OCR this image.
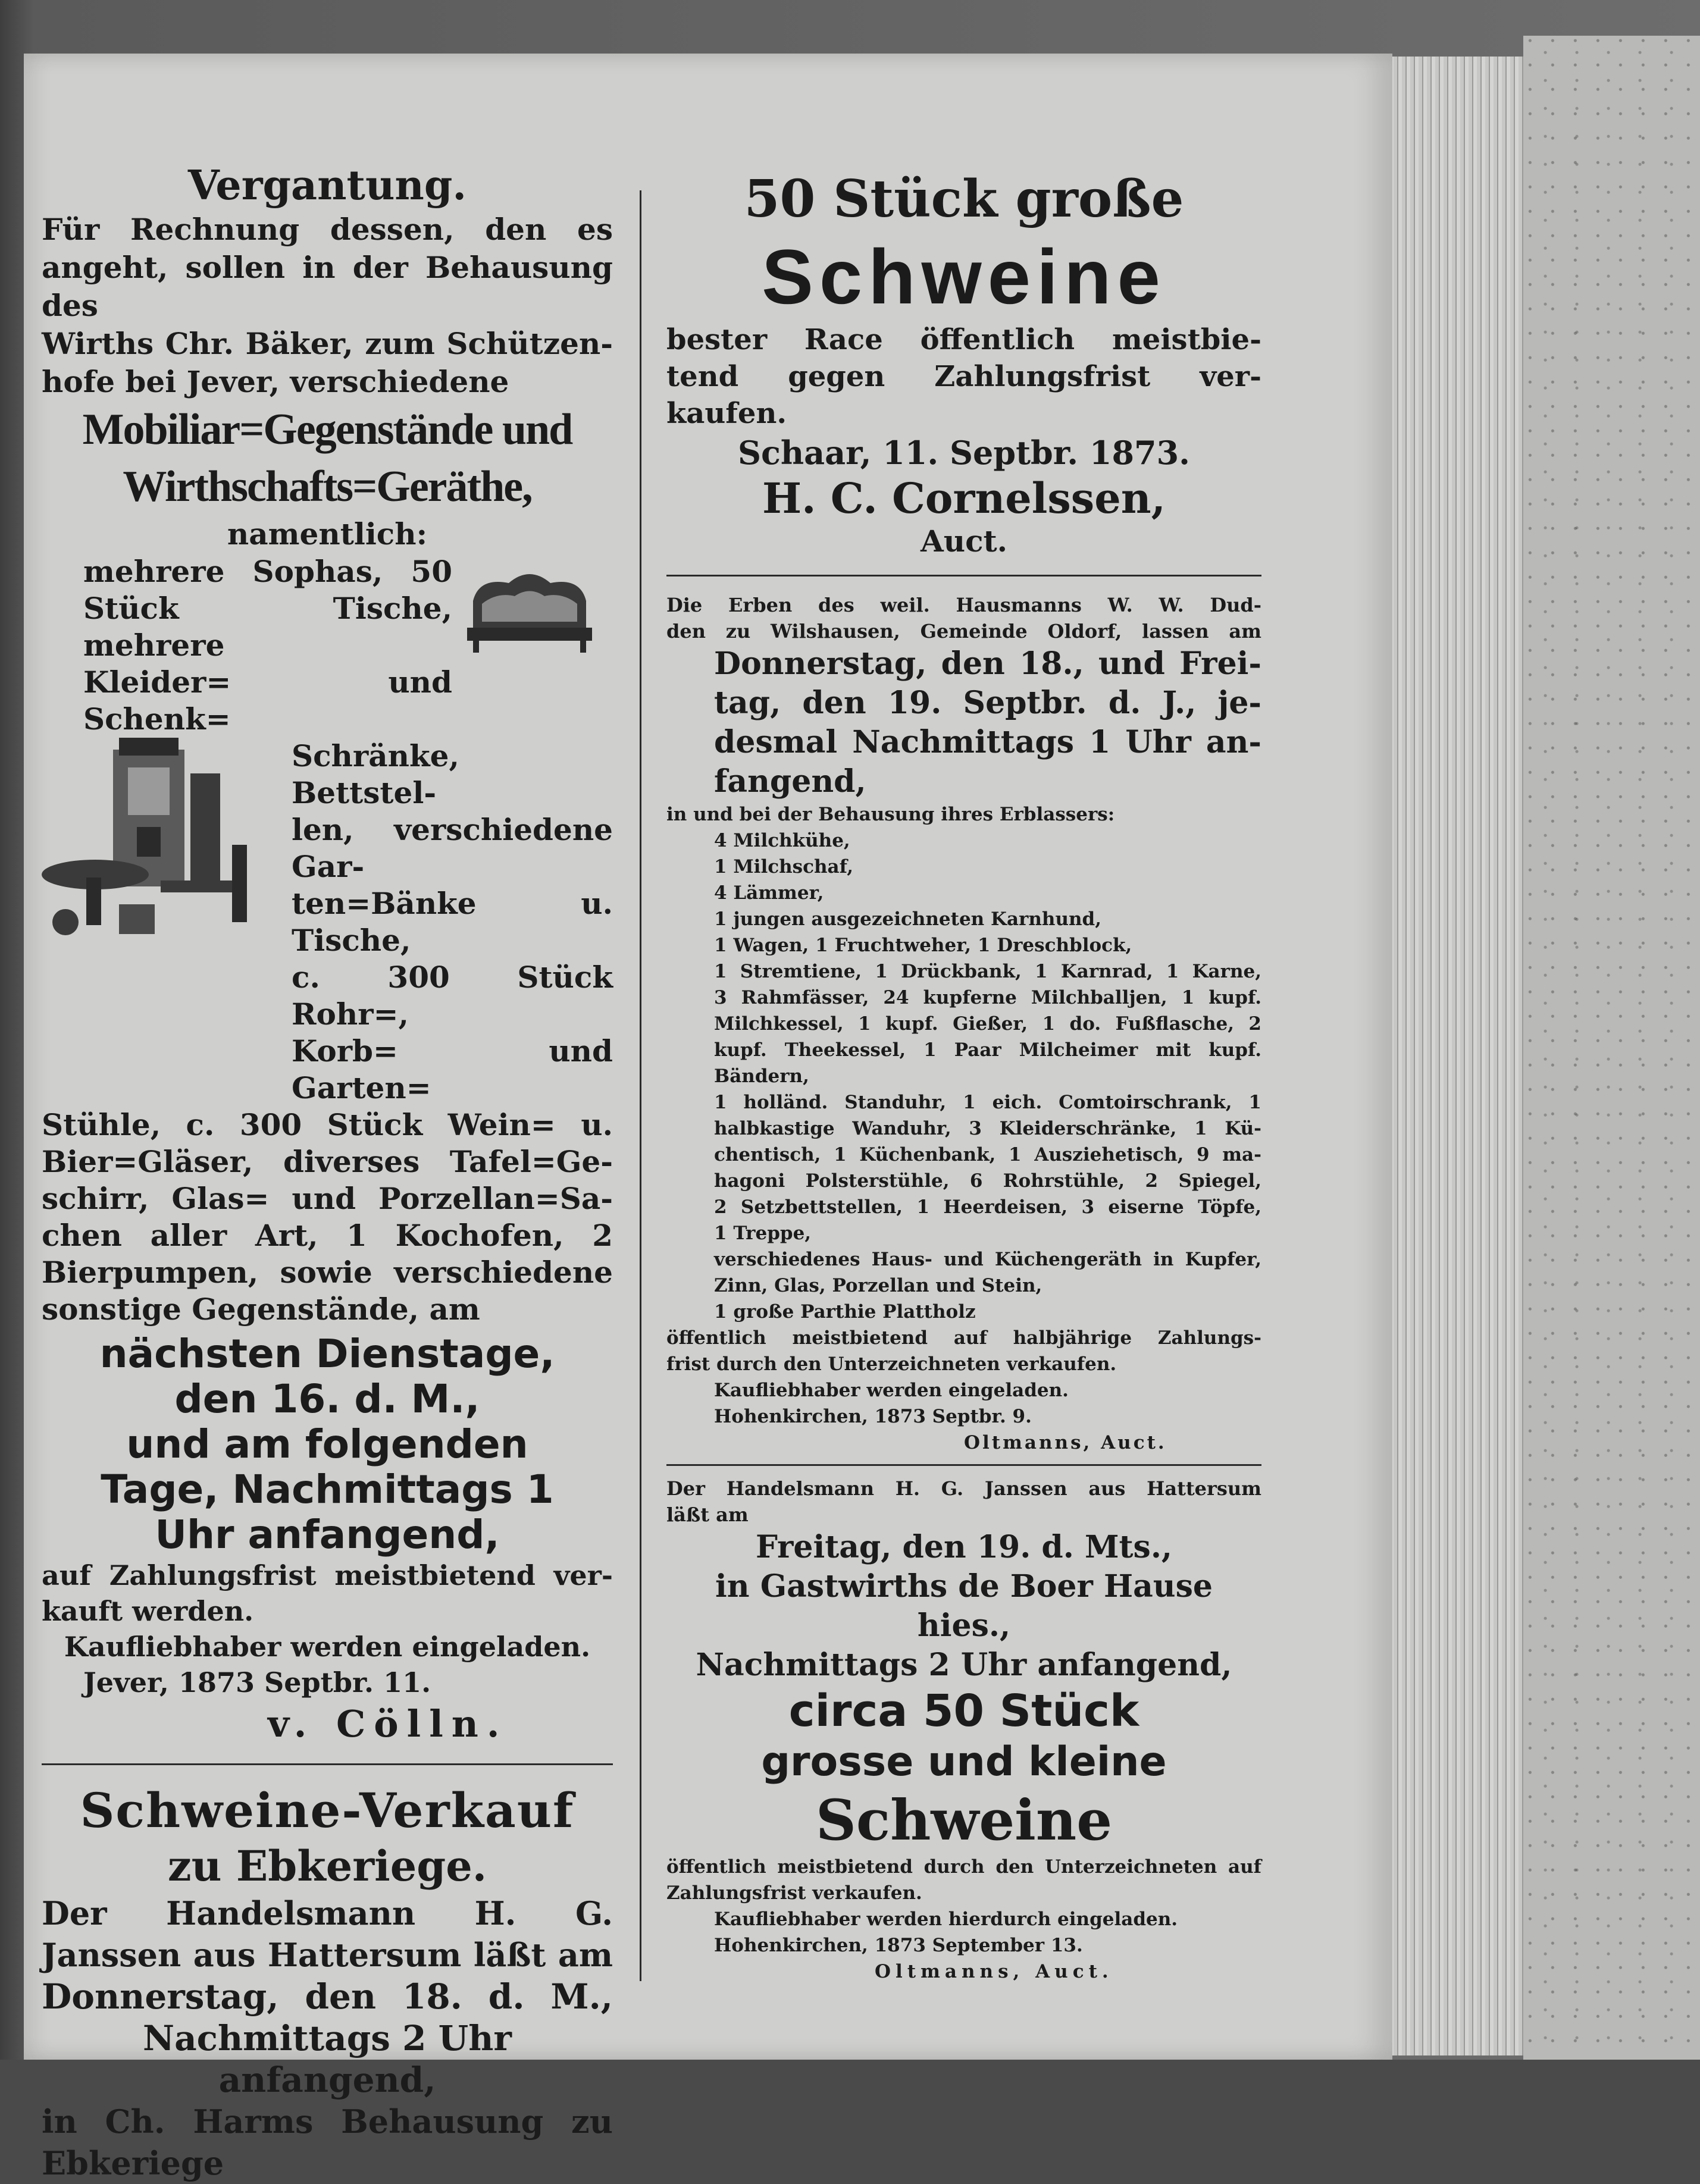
Vergantung.

Für Rechnung dessen, den es

angeht, sollen in der Behausung des

Wirths Chr. Bäker, zum Schützen-

hofe bei Jever, verschiedene

Mobiliar=Gegenstände und

Wirthschafts=Geräthe,

namentlich:

mehrere Sophas, 50

Stück Tische, mehrere

Kleider= und Schenk=

Schränke, Bettstel-

len, verschiedene Gar-

ten=Bänke u. Tische,

c. 300 Stück Rohr=,

Korb= und Garten=

Stühle, c. 300 Stück Wein= u.

Bier=Gläser, diverses Tafel=Ge-

schirr, Glas= und Porzellan=Sa-

chen aller Art, 1 Kochofen, 2

Bierpumpen, sowie verschiedene

sonstige Gegenstände, am

nächsten Dienstage,

den 16. d. M.,

und am folgenden

Tage, Nachmittags 1

Uhr anfangend,

auf Zahlungsfrist meistbietend ver-

kauft werden.

Kaufliebhaber werden eingeladen.

Jever, 1873 Septbr. 11.

v. Cölln.

Schweine-Verkauf

zu Ebkeriege.

Der Handelsmann H. G.

Janssen aus Hattersum läßt am

Donnerstag, den 18. d. M.,

Nachmittags 2 Uhr

anfangend,

in Ch. Harms Behausung zu

Ebkeriege

50 Stück große

Schweine

bester Race öffentlich meistbie-

tend gegen Zahlungsfrist ver-

kaufen.

Schaar, 11. Septbr. 1873.

H. C. Cornelssen,

Auct.

Die Erben des weil. Hausmanns W. W. Dud-

den zu Wilshausen, Gemeinde Oldorf, lassen am

Donnerstag, den 18., und Frei-

tag, den 19. Septbr. d. J., je-

desmal Nachmittags 1 Uhr an-

fangend,

in und bei der Behausung ihres Erblassers:

4 Milchkühe,

1 Milchschaf,

4 Lämmer,

1 jungen ausgezeichneten Karnhund,

1 Wagen, 1 Fruchtweher, 1 Dreschblock,

1 Stremtiene, 1 Drückbank, 1 Karnrad, 1 Karne,

3 Rahmfässer, 24 kupferne Milchballjen, 1 kupf.

Milchkessel, 1 kupf. Gießer, 1 do. Fußflasche, 2

kupf. Theekessel, 1 Paar Milcheimer mit kupf.

Bändern,

1 holländ. Standuhr, 1 eich. Comtoirschrank, 1

halbkastige Wanduhr, 3 Kleiderschränke, 1 Kü-

chentisch, 1 Küchenbank, 1 Ausziehetisch, 9 ma-

hagoni Polsterstühle, 6 Rohrstühle, 2 Spiegel,

2 Setzbettstellen, 1 Heerdeisen, 3 eiserne Töpfe,

1 Treppe,

verschiedenes Haus- und Küchengeräth in Kupfer,

Zinn, Glas, Porzellan und Stein,

1 große Parthie Plattholz

öffentlich meistbietend auf halbjährige Zahlungs-

frist durch den Unterzeichneten verkaufen.

Kaufliebhaber werden eingeladen.

Hohenkirchen, 1873 Septbr. 9.

Oltmanns, Auct.

Der Handelsmann H. G. Janssen aus Hattersum

läßt am

Freitag, den 19. d. Mts.,

in Gastwirths de Boer Hause hies.,

Nachmittags 2 Uhr anfangend,

circa 50 Stück

grosse und kleine

Schweine

öffentlich meistbietend durch den Unterzeichneten auf

Zahlungsfrist verkaufen.

Kaufliebhaber werden hierdurch eingeladen.

Hohenkirchen, 1873 September 13.

Oltmanns, Auct.
